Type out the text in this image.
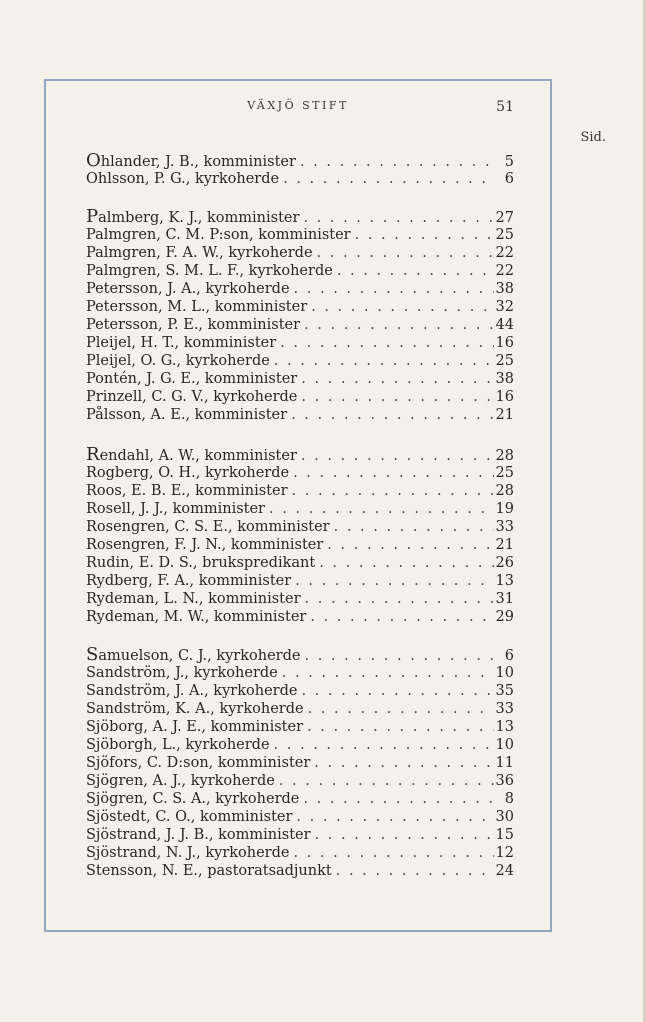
VÄXJÖ STIFT	51
Sid.
Ohlander, J. B., komminister . . .	5
Ohlsson, P. G., kyrkoherde . . .	6
Palmberg, K. J., komminister . . .	27
Palmgren, C. M. P:son, komminister . . .	25
Palmgren, F. A. W., kyrkoherde . . .	22
Palmgren, S. M. L. F., kyrkoherde . . .	22
Petersson, J. A., kyrkoherde . . .	38
Petersson, M. L., komminister . . .	32
Petersson, P. E., komminister . . .	44
Pleijel, H. T., komminister . . .	16
Pleijel, O. G., kyrkoherde . . .	25
Pontén, J. G. E., komminister . . .	38
Prinzell, C. G. V., kyrkoherde . . .	16
Pålsson, A. E., komminister . . .	21
Rendahl, A. W., komminister . . .	28
Rogberg, O. H., kyrkoherde . . .	25
Roos, E. B. E., komminister . . .	28
Rosell, J. J., komminister . . .	19
Rosengren, C. S. E., komminister . . .	33
Rosengren, F. J. N., komminister . . .	21
Rudin, E. D. S., brukspredikant . . .	26
Rydberg, F. A., komminister . . .	13
Rydeman, L. N., komminister . . .	31
Rydeman, M. W., komminister . . .	29
Samuelson, C. J., kyrkoherde . . .	6
Sandström, J., kyrkoherde . . .	10
Sandström, J. A., kyrkoherde . . .	35
Sandström, K. A., kyrkoherde . . .	33
Sjöborg, A. J. E., komminister . . .	13
Sjöborgh, L., kyrkoherde . . .	10
Sjöfors, C. D:son, komminister . . .	11
Sjögren, A. J., kyrkoherde . . .	36
Sjögren, C. S. A., kyrkoherde . . .	8
Sjöstedt, C. O., komminister . . .	30
Sjöstrand, J. J. B., komminister . . .	15
Sjöstrand, N. J., kyrkoherde . . .	12
Stensson, N. E., pastoratsadjunkt . . .	24
